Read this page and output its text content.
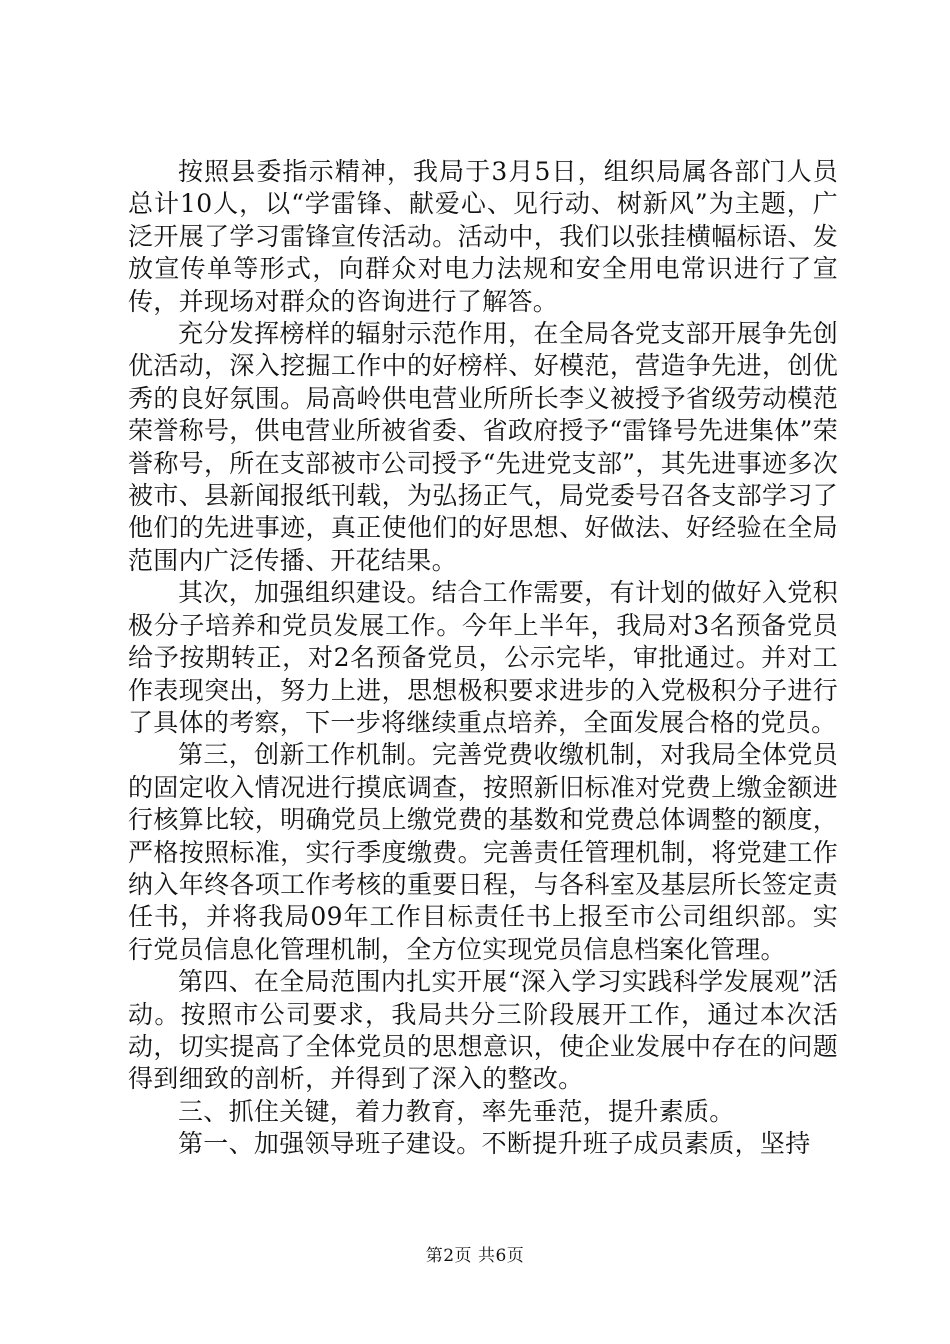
按照县委指示精神，我局于3月5日，组织局属各部门人员总计10人，以“学雷锋、献爱心、见行动、树新风”为主题，广泛开展了学习雷锋宣传活动。活动中，我们以张挂横幅标语、发放宣传单等形式，向群众对电力法规和安全用电常识进行了宣传，并现场对群众的咨询进行了解答。

充分发挥榜样的辐射示范作用，在全局各党支部开展争先创优活动，深入挖掘工作中的好榜样、好模范，营造争先进，创优秀的良好氛围。局高岭供电营业所所长李义被授予省级劳动模范荣誉称号，供电营业所被省委、省政府授予“雷锋号先进集体”荣誉称号，所在支部被市公司授予“先进党支部”，其先进事迹多次被市、县新闻报纸刊载，为弘扬正气，局党委号召各支部学习了他们的先进事迹，真正使他们的好思想、好做法、好经验在全局范围内广泛传播、开花结果。

其次，加强组织建设。结合工作需要，有计划的做好入党积极分子培养和党员发展工作。今年上半年，我局对3名预备党员给予按期转正，对2名预备党员，公示完毕，审批通过。并对工作表现突出，努力上进，思想极积要求进步的入党极积分子进行了具体的考察，下一步将继续重点培养，全面发展合格的党员。

第三，创新工作机制。完善党费收缴机制，对我局全体党员的固定收入情况进行摸底调查，按照新旧标准对党费上缴金额进行核算比较，明确党员上缴党费的基数和党费总体调整的额度，严格按照标准，实行季度缴费。完善责任管理机制，将党建工作纳入年终各项工作考核的重要日程，与各科室及基层所长签定责任书，并将我局09年工作目标责任书上报至市公司组织部。实行党员信息化管理机制，全方位实现党员信息档案化管理。

第四、在全局范围内扎实开展“深入学习实践科学发展观”活动。按照市公司要求，我局共分三阶段展开工作，通过本次活动，切实提高了全体党员的思想意识，使企业发展中存在的问题得到细致的剖析，并得到了深入的整改。

三、抓住关键，着力教育，率先垂范，提升素质。

第一、加强领导班子建设。不断提升班子成员素质，坚持

第2页 共6页
